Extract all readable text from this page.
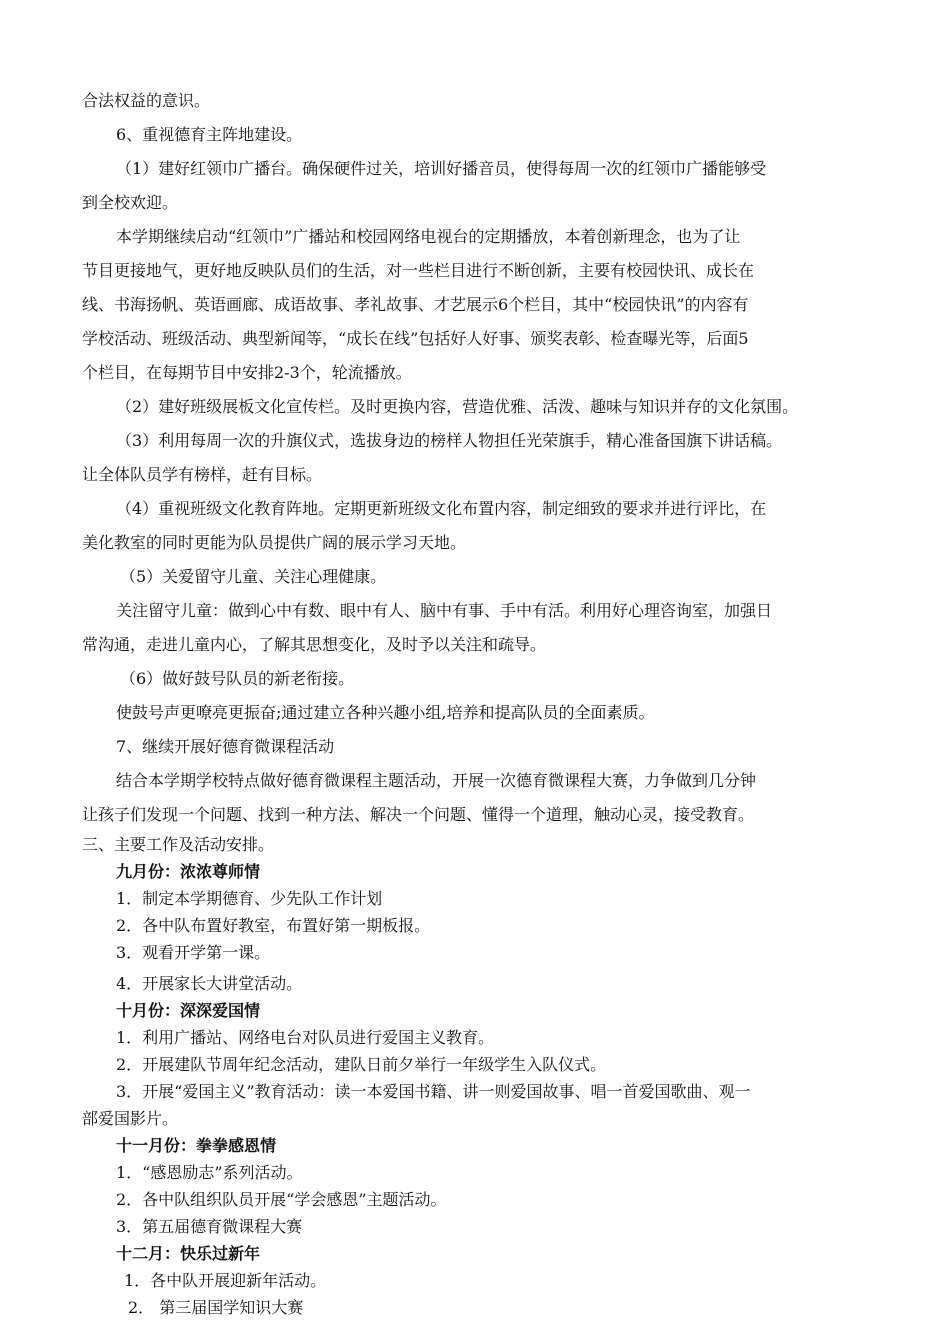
合法权益的意识。
6、重视德育主阵地建设。
（1）建好红领巾广播台。确保硬件过关，培训好播音员，使得每周一次的红领巾广播能够受
到全校欢迎。
本学期继续启动“红领巾”广播站和校园网络电视台的定期播放，本着创新理念，也为了让
节目更接地气，更好地反映队员们的生活，对一些栏目进行不断创新，主要有校园快讯、成长在
线、书海扬帆、英语画廊、成语故事、孝礼故事、才艺展示6个栏目，其中“校园快讯”的内容有
学校活动、班级活动、典型新闻等，“成长在线”包括好人好事、颁奖表彰、检查曝光等，后面5
个栏目，在每期节目中安排2-3个，轮流播放。
（2）建好班级展板文化宣传栏。及时更换内容，营造优雅、活泼、趣味与知识并存的文化氛围。
（3）利用每周一次的升旗仪式，选拔身边的榜样人物担任光荣旗手，精心准备国旗下讲话稿。
让全体队员学有榜样，赶有目标。
（4）重视班级文化教育阵地。定期更新班级文化布置内容，制定细致的要求并进行评比，在
美化教室的同时更能为队员提供广阔的展示学习天地。
（5）关爱留守儿童、关注心理健康。
关注留守儿童：做到心中有数、眼中有人、脑中有事、手中有活。利用好心理咨询室，加强日
常沟通，走进儿童内心，了解其思想变化，及时予以关注和疏导。
（6）做好鼓号队员的新老衔接。
使鼓号声更嘹亮更振奋;通过建立各种兴趣小组,培养和提高队员的全面素质。
7、继续开展好德育微课程活动
结合本学期学校特点做好德育微课程主题活动，开展一次德育微课程大赛，力争做到几分钟
让孩子们发现一个问题、找到一种方法、解决一个问题、懂得一个道理，触动心灵，接受教育。
三、主要工作及活动安排。
九月份：浓浓尊师情
1．制定本学期德育、少先队工作计划
2．各中队布置好教室，布置好第一期板报。
3．观看开学第一课。
4．开展家长大讲堂活动。
十月份：深深爱国情
1．利用广播站、网络电台对队员进行爱国主义教育。
2．开展建队节周年纪念活动，建队日前夕举行一年级学生入队仪式。
3．开展“爱国主义”教育活动：读一本爱国书籍、讲一则爱国故事、唱一首爱国歌曲、观一
部爱国影片。
十一月份：拳拳感恩情
1．“感恩励志”系列活动。
2．各中队组织队员开展“学会感恩”主题活动。
3．第五届德育微课程大赛
十二月：快乐过新年
1．各中队开展迎新年活动。
2． 第三届国学知识大赛
